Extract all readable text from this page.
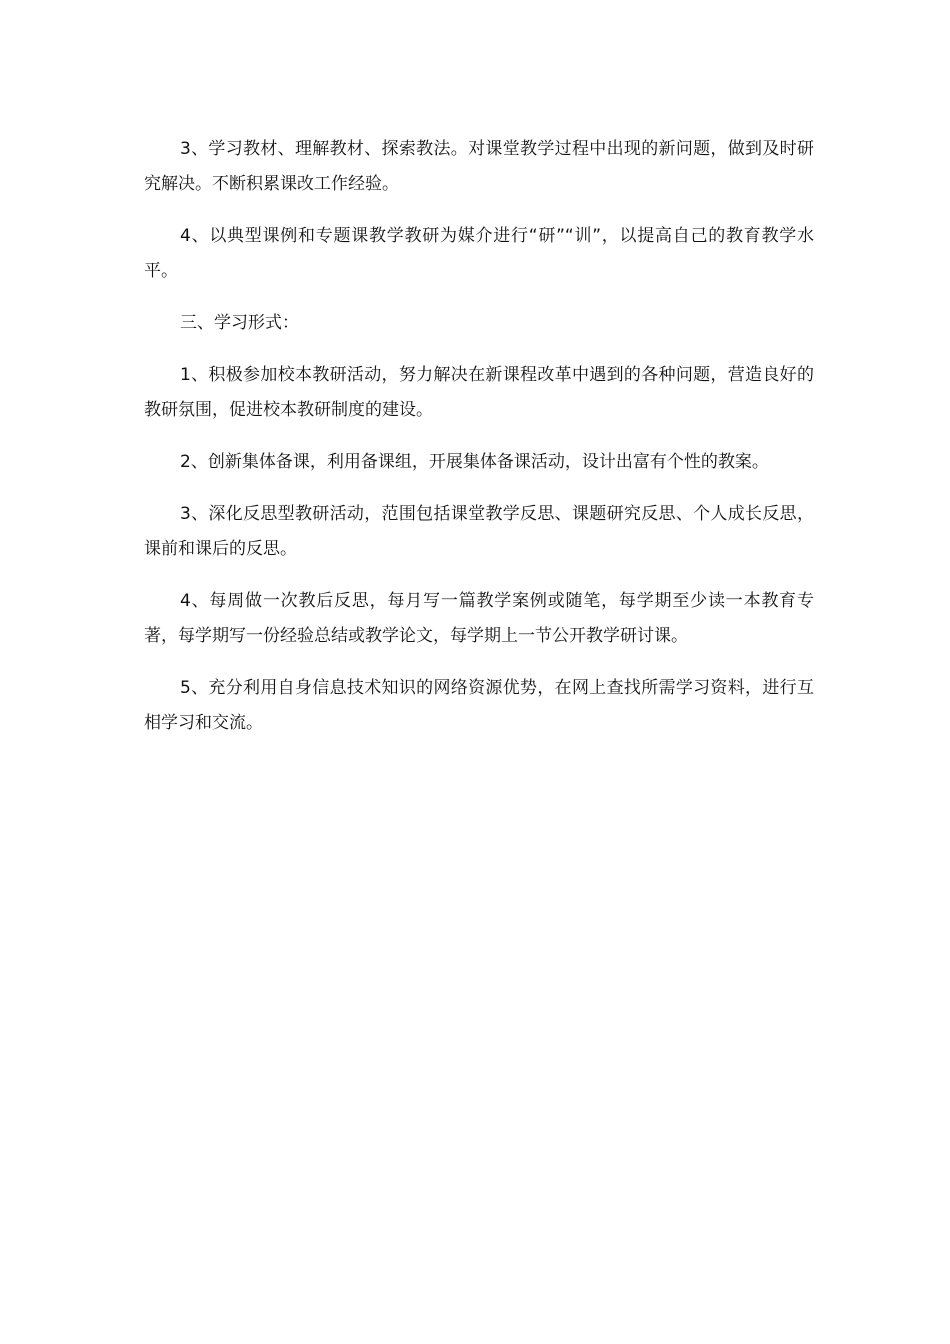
3、学习教材、理解教材、探索教法。对课堂教学过程中出现的新问题，做到及时研究解决。不断积累课改工作经验。

4、以典型课例和专题课教学教研为媒介进行“研”“训”，以提高自己的教育教学水平。

三、学习形式：

1、积极参加校本教研活动，努力解决在新课程改革中遇到的各种问题，营造良好的教研氛围，促进校本教研制度的建设。

2、创新集体备课，利用备课组，开展集体备课活动，设计出富有个性的教案。

3、深化反思型教研活动，范围包括课堂教学反思、课题研究反思、个人成长反思，课前和课后的反思。

4、每周做一次教后反思，每月写一篇教学案例或随笔，每学期至少读一本教育专著，每学期写一份经验总结或教学论文，每学期上一节公开教学研讨课。

5、充分利用自身信息技术知识的网络资源优势，在网上查找所需学习资料，进行互相学习和交流。
